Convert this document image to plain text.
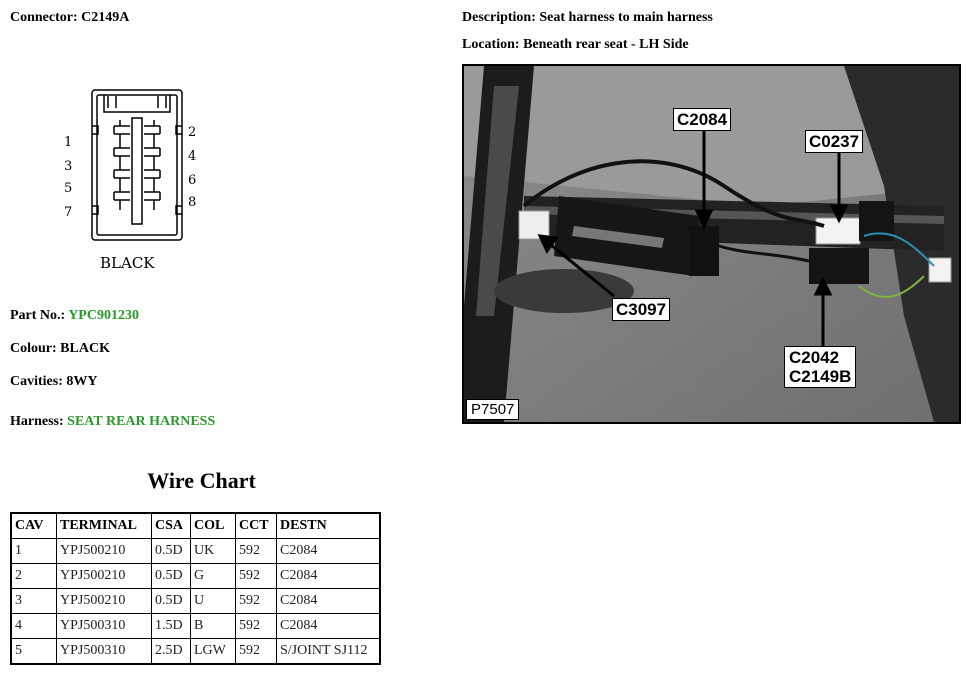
Connector: C2149A
1
3
5
7
2
4
6
8
BLACK
Part No.: YPC901230
Colour: BLACK
Cavities: 8WY
Harness: SEAT REAR HARNESS
Description: Seat harness to main harness
Location: Beneath rear seat - LH Side
C2084
C0237
C3097
C2042
C2149B
P7507
Wire Chart
CAV	TERMINAL	CSA	COL	CCT	DESTN
1	YPJ500210	0.5D	UK	592	C2084
2	YPJ500210	0.5D	G	592	C2084
3	YPJ500210	0.5D	U	592	C2084
4	YPJ500310	1.5D	B	592	C2084
5	YPJ500310	2.5D	LGW	592	S/JOINT SJ112
